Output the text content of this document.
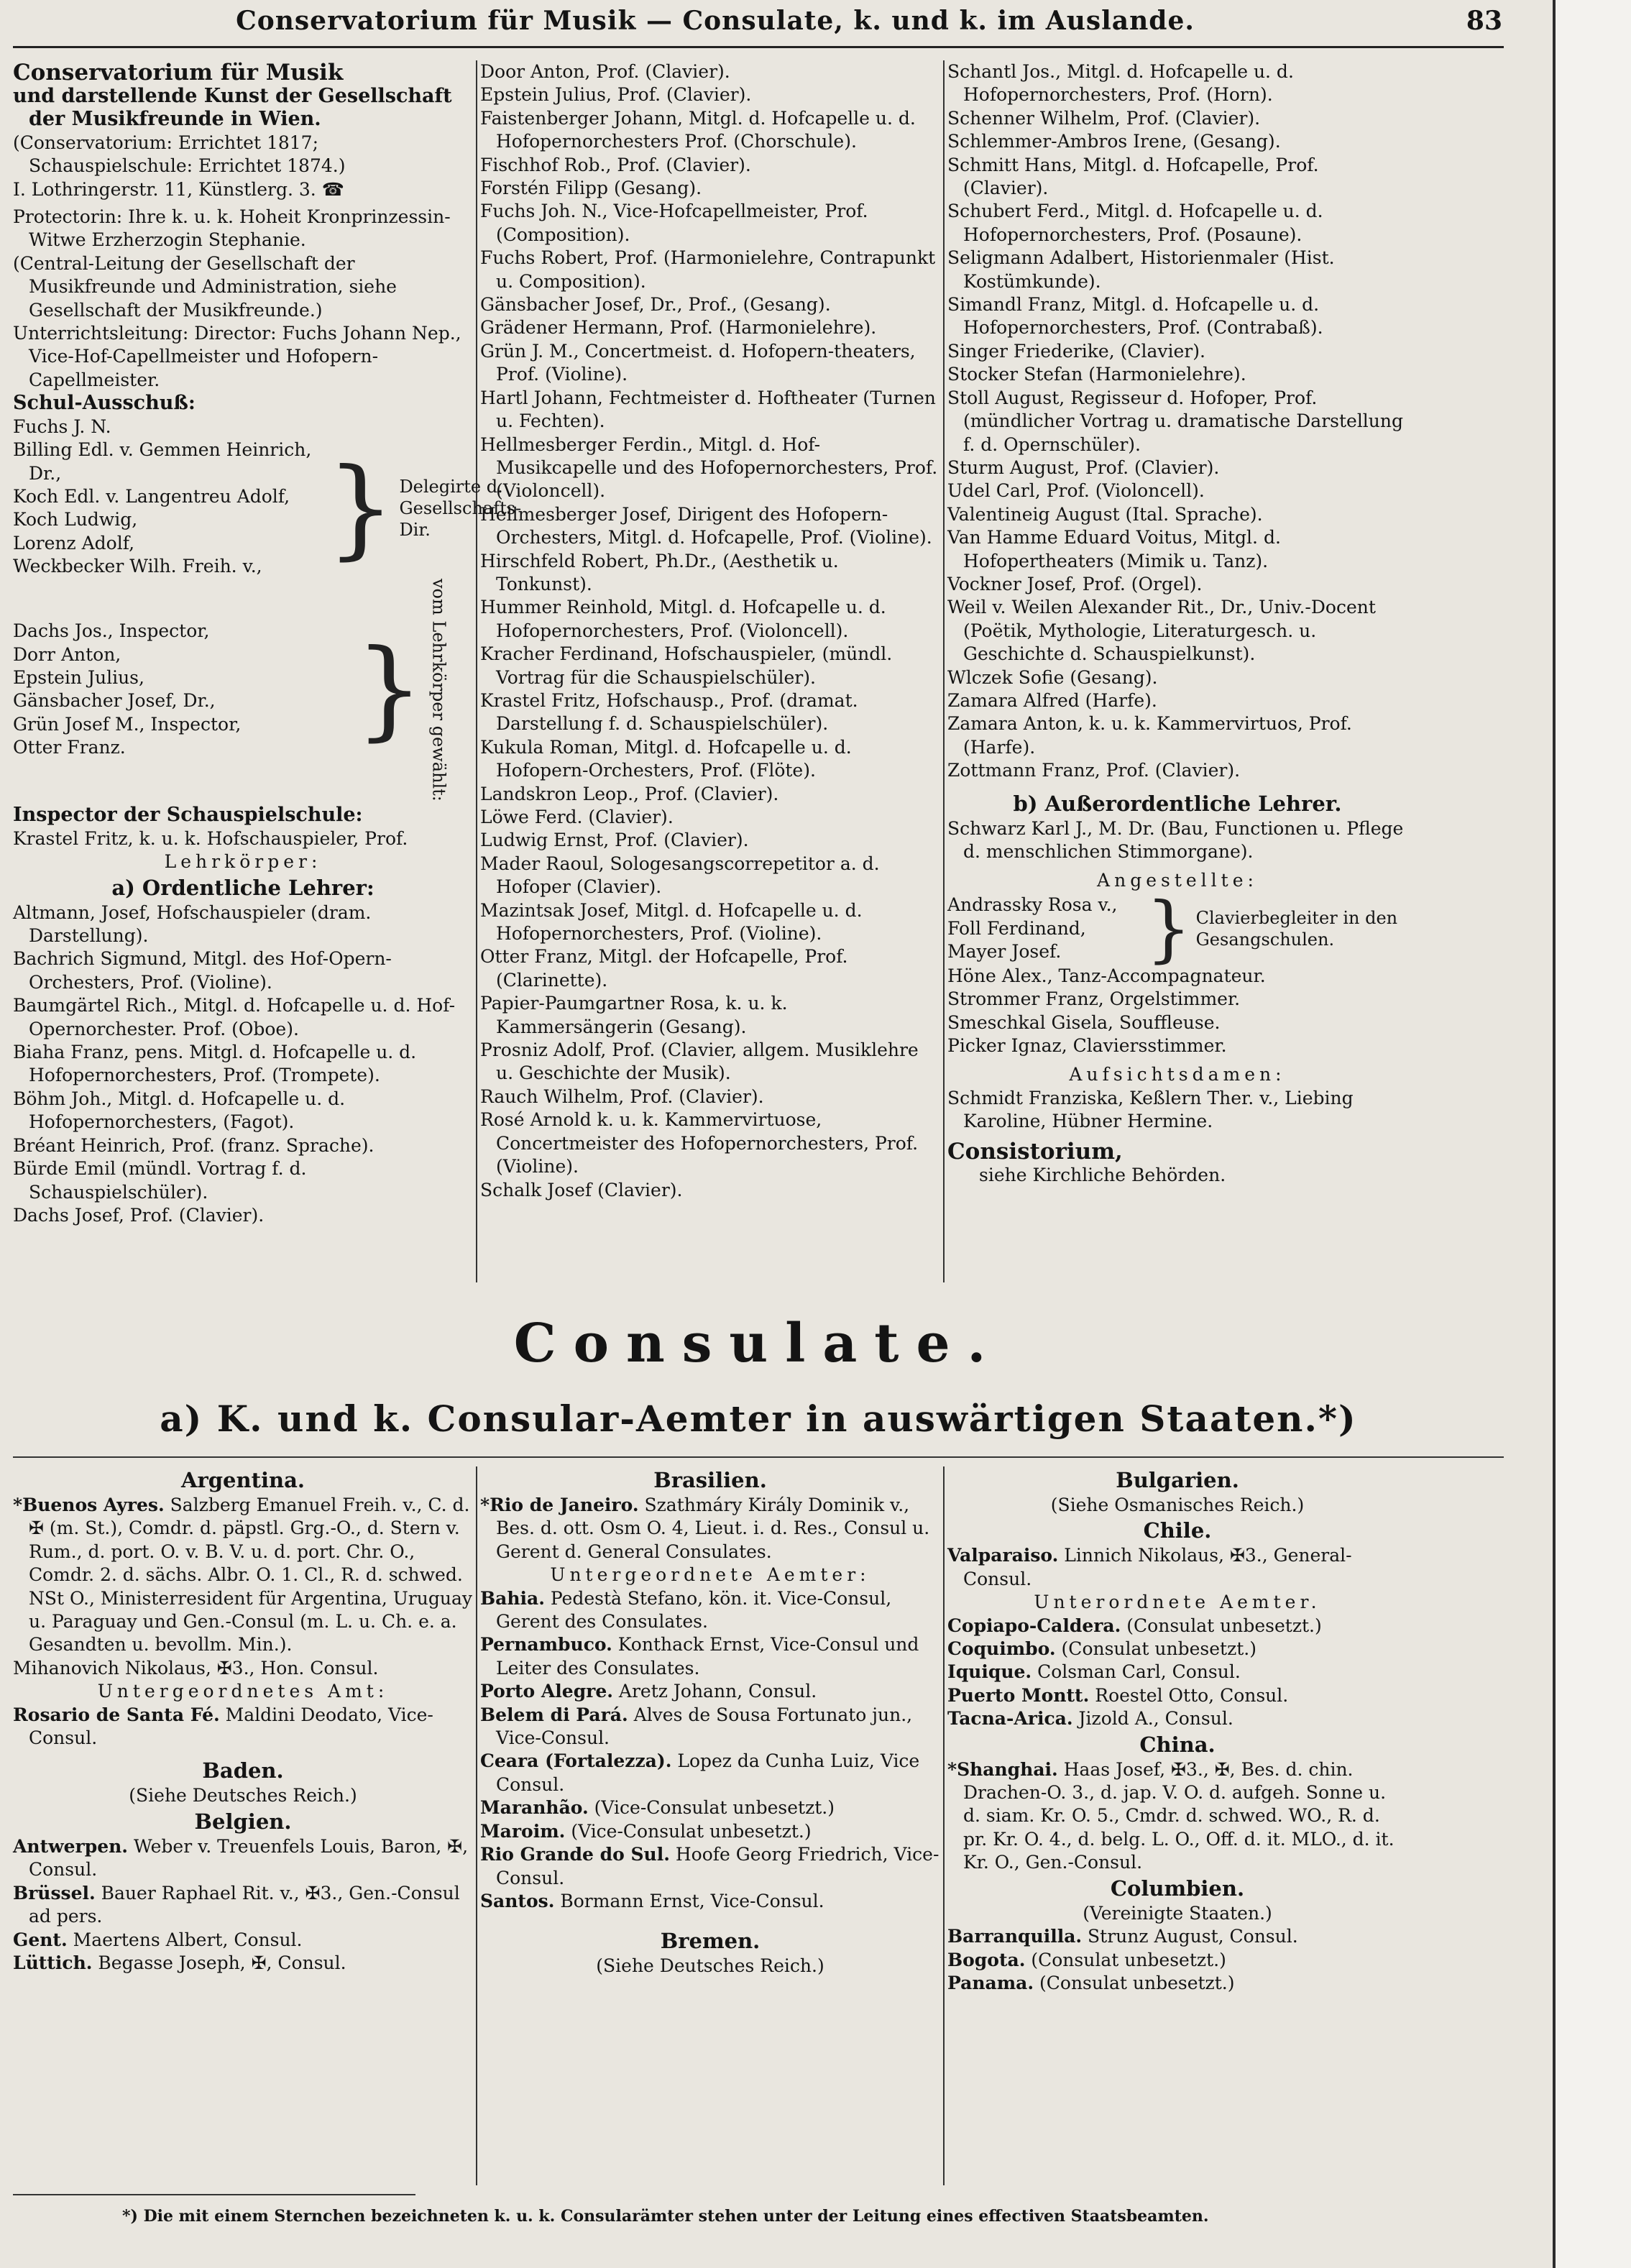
Conservatorium für Musik — Consulate, k. und k. im Auslande.	83

Conservatorium für Musik

und darstellende Kunst der Gesellschaft der Musikfreunde in Wien.

(Conservatorium: Errichtet 1817; Schauspielschule: Errichtet 1874.)

I. Lothringerstr. 11, Künstlerg. 3. ☎

Protectorin: Ihre k. u. k. Hoheit Kronprinzessin-Witwe Erzherzogin Stephanie.

(Central-Leitung der Gesellschaft der Musikfreunde und Administration, siehe Gesellschaft der Musikfreunde.)

Unterrichtsleitung: Director: Fuchs Johann Nep., Vice-Hof-Capellmeister und Hofopern-Capellmeister.

Schul-Ausschuß:

Fuchs J. N.

Billing Edl. v. Gemmen Heinrich, Dr.,

Koch Edl. v. Langentreu Adolf,

Koch Ludwig,

Lorenz Adolf,

Weckbecker Wilh. Freih. v., } Delegirte d. Gesellschafts-Dir.

Dachs Jos., Inspector,

Dorr Anton,

Epstein Julius,

Gänsbacher Josef, Dr.,

Grün Josef M., Inspector,

Otter Franz.	} vom Lehrkörper gewählt:

Inspector der Schauspielschule:

Krastel Fritz, k. u. k. Hofschauspieler, Prof.

Lehrkörper:

a) Ordentliche Lehrer:

Altmann, Josef, Hofschauspieler (dram. Darstellung).

Bachrich Sigmund, Mitgl. des Hof-Opern-Orchesters, Prof. (Violine).

Baumgärtel Rich., Mitgl. d. Hofcapelle u. d. Hof-Opernorchester. Prof. (Oboe).

Biaha Franz, pens. Mitgl. d. Hofcapelle u. d. Hofopernorchesters, Prof. (Trompete).

Böhm Joh., Mitgl. d. Hofcapelle u. d. Hofopernorchesters, (Fagot).

Bréant Heinrich, Prof. (franz. Sprache).

Bürde Emil (mündl. Vortrag f. d. Schauspielschüler).

Dachs Josef, Prof. (Clavier).

Door Anton, Prof. (Clavier).

Epstein Julius, Prof. (Clavier).

Faistenberger Johann, Mitgl. d. Hofcapelle u. d. Hofopernorchesters Prof. (Chorschule).

Fischhof Rob., Prof. (Clavier).

Forstén Filipp (Gesang).

Fuchs Joh. N., Vice-Hofcapellmeister, Prof. (Composition).

Fuchs Robert, Prof. (Harmonielehre, Contrapunkt u. Composition).

Gänsbacher Josef, Dr., Prof., (Gesang).

Grädener Hermann, Prof. (Harmonielehre).

Grün J. M., Concertmeist. d. Hofopern-theaters, Prof. (Violine).

Hartl Johann, Fechtmeister d. Hoftheater (Turnen u. Fechten).

Hellmesberger Ferdin., Mitgl. d. Hof-Musikcapelle und des Hofopernorchesters, Prof. (Violoncell).

Hellmesberger Josef, Dirigent des Hofopern-Orchesters, Mitgl. d. Hofcapelle, Prof. (Violine).

Hirschfeld Robert, Ph.Dr., (Aesthetik u. Tonkunst).

Hummer Reinhold, Mitgl. d. Hofcapelle u. d. Hofopernorchesters, Prof. (Violoncell).

Kracher Ferdinand, Hofschauspieler, (mündl. Vortrag für die Schauspielschüler).

Krastel Fritz, Hofschausp., Prof. (dramat. Darstellung f. d. Schauspielschüler).

Kukula Roman, Mitgl. d. Hofcapelle u. d. Hofopern-Orchesters, Prof. (Flöte).

Landskron Leop., Prof. (Clavier).

Löwe Ferd. (Clavier).

Ludwig Ernst, Prof. (Clavier).

Mader Raoul, Sologesangscorrepetitor a. d. Hofoper (Clavier).

Mazintsak Josef, Mitgl. d. Hofcapelle u. d. Hofopernorchesters, Prof. (Violine).

Otter Franz, Mitgl. der Hofcapelle, Prof. (Clarinette).

Papier-Paumgartner Rosa, k. u. k. Kammersängerin (Gesang).

Prosniz Adolf, Prof. (Clavier, allgem. Musiklehre u. Geschichte der Musik).

Rauch Wilhelm, Prof. (Clavier).

Rosé Arnold k. u. k. Kammervirtuose, Concertmeister des Hofopernorchesters, Prof. (Violine).

Schalk Josef (Clavier).

Schantl Jos., Mitgl. d. Hofcapelle u. d. Hofopernorchesters, Prof. (Horn).

Schenner Wilhelm, Prof. (Clavier).

Schlemmer-Ambros Irene, (Gesang).

Schmitt Hans, Mitgl. d. Hofcapelle, Prof. (Clavier).

Schubert Ferd., Mitgl. d. Hofcapelle u. d. Hofopernorchesters, Prof. (Posaune).

Seligmann Adalbert, Historienmaler (Hist. Kostümkunde).

Simandl Franz, Mitgl. d. Hofcapelle u. d. Hofopernorchesters, Prof. (Contrabaß).

Singer Friederike, (Clavier).

Stocker Stefan (Harmonielehre).

Stoll August, Regisseur d. Hofoper, Prof. (mündlicher Vortrag u. dramatische Darstellung f. d. Opernschüler).

Sturm August, Prof. (Clavier).

Udel Carl, Prof. (Violoncell).

Valentineig August (Ital. Sprache).

Van Hamme Eduard Voitus, Mitgl. d. Hofopertheaters (Mimik u. Tanz).

Vockner Josef, Prof. (Orgel).

Weil v. Weilen Alexander Rit., Dr., Univ.-Docent (Poëtik, Mythologie, Literaturgesch. u. Geschichte d. Schauspielkunst).

Wlczek Sofie (Gesang).

Zamara Alfred (Harfe).

Zamara Anton, k. u. k. Kammervirtuos, Prof. (Harfe).

Zottmann Franz, Prof. (Clavier).

b) Außerordentliche Lehrer.

Schwarz Karl J., M. Dr. (Bau, Functionen u. Pflege d. menschlichen Stimmorgane).

Angestellte:

Andrassky Rosa v.,

Foll Ferdinand,

Mayer Josef.	} Clavierbegleiter in den Gesangschulen.

Höne Alex., Tanz-Accompagnateur.

Strommer Franz, Orgelstimmer.

Smeschkal Gisela, Souffleuse.

Picker Ignaz, Claviersstimmer.

Aufsichtsdamen:

Schmidt Franziska, Keßlern Ther. v., Liebing Karoline, Hübner Hermine.

Consistorium,

siehe Kirchliche Behörden.

Consulate.
a) K. und k. Consular-Aemter in auswärtigen Staaten.*)

Argentina.

*Buenos Ayres. Salzberg Emanuel Freih. v., C. d. ✠ (m. St.), Comdr. d. päpstl. Grg.-O., d. Stern v. Rum., d. port. O. v. B. V. u. d. port. Chr. O., Comdr. 2. d. sächs. Albr. O. 1. Cl., R. d. schwed. NSt O., Ministerresident für Argentina, Uruguay u. Paraguay und Gen.-Consul (m. L. u. Ch. e. a. Gesandten u. bevollm. Min.).

Mihanovich Nikolaus, ✠3., Hon. Consul.

Untergeordnetes Amt:

Rosario de Santa Fé. Maldini Deodato, Vice-Consul.

Baden.

(Siehe Deutsches Reich.)

Belgien.

Antwerpen. Weber v. Treuenfels Louis, Baron, ✠, Consul.

Brüssel. Bauer Raphael Rit. v., ✠3., Gen.-Consul ad pers.

Gent. Maertens Albert, Consul.

Lüttich. Begasse Joseph, ✠, Consul.

Brasilien.

*Rio de Janeiro. Szathmáry Király Dominik v., Bes. d. ott. Osm O. 4, Lieut. i. d. Res., Consul u. Gerent d. General Consulates.

Untergeordnete Aemter:

Bahia. Pedestà Stefano, kön. it. Vice-Consul, Gerent des Consulates.

Pernambuco. Konthack Ernst, Vice-Consul und Leiter des Consulates.

Porto Alegre. Aretz Johann, Consul.

Belem di Pará. Alves de Sousa Fortunato jun., Vice-Consul.

Ceara (Fortalezza). Lopez da Cunha Luiz, Vice Consul.

Maranhão. (Vice-Consulat unbesetzt.)

Maroim. (Vice-Consulat unbesetzt.)

Rio Grande do Sul. Hoofe Georg Friedrich, Vice-Consul.

Santos. Bormann Ernst, Vice-Consul.

Bremen.

(Siehe Deutsches Reich.)

Bulgarien.

(Siehe Osmanisches Reich.)

Chile.

Valparaiso. Linnich Nikolaus, ✠3., General-Consul.

Unterordnete Aemter.

Copiapo-Caldera. (Consulat unbesetzt.)

Coquimbo. (Consulat unbesetzt.)

Iquique. Colsman Carl, Consul.

Puerto Montt. Roestel Otto, Consul.

Tacna-Arica. Jizold A., Consul.

China.

*Shanghai. Haas Josef, ✠3., ✠, Bes. d. chin. Drachen-O. 3., d. jap. V. O. d. aufgeh. Sonne u. d. siam. Kr. O. 5., Cmdr. d. schwed. WO., R. d. pr. Kr. O. 4., d. belg. L. O., Off. d. it. MLO., d. it. Kr. O., Gen.-Consul.

Columbien.

(Vereinigte Staaten.)

Barranquilla. Strunz August, Consul.

Bogota. (Consulat unbesetzt.)

Panama. (Consulat unbesetzt.)

*) Die mit einem Sternchen bezeichneten k. u. k. Consularämter stehen unter der Leitung eines effectiven Staatsbeamten.
